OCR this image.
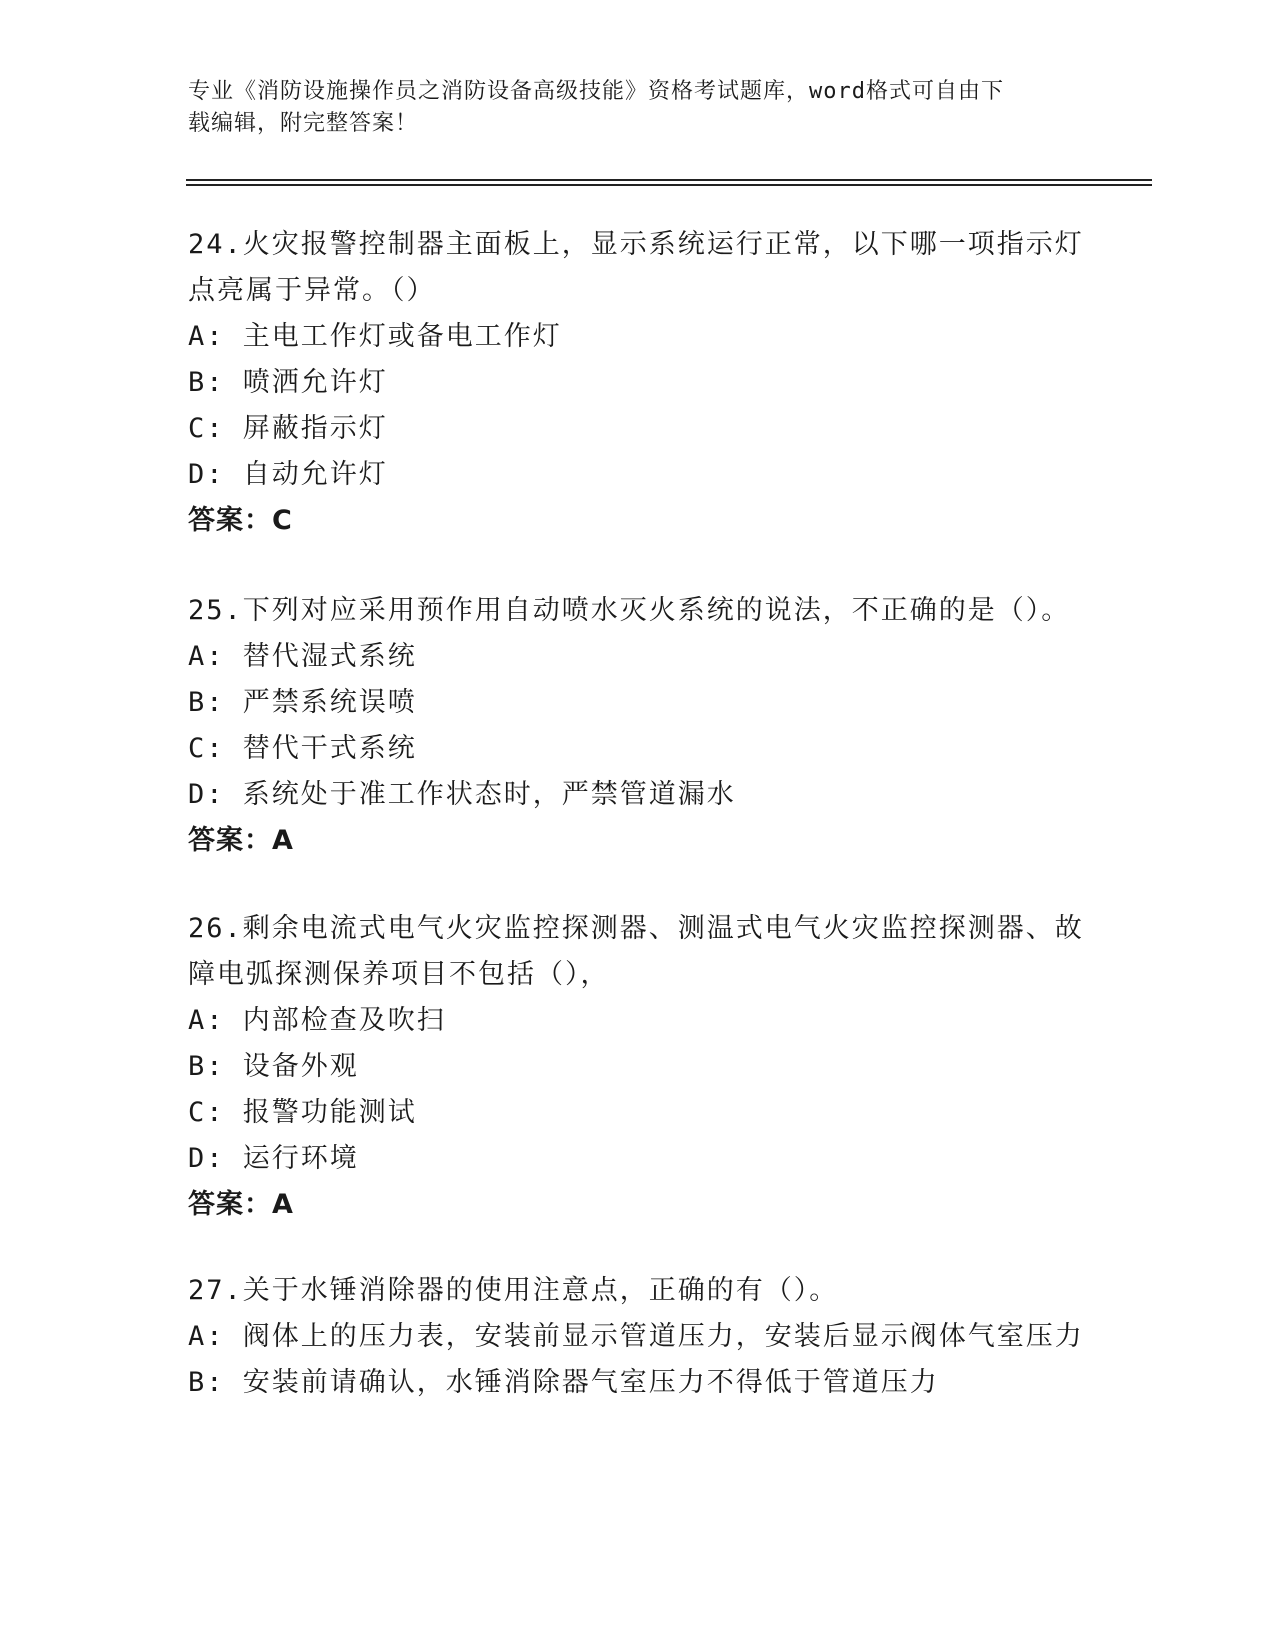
专业《消防设施操作员之消防设备高级技能》资格考试题库，word格式可自由下
载编辑，附完整答案！
24.火灾报警控制器主面板上，显示系统运行正常，以下哪一项指示灯
点亮属于异常。（）
A: 主电工作灯或备电工作灯
B: 喷洒允许灯
C: 屏蔽指示灯
D: 自动允许灯
答案：C
25.下列对应采用预作用自动喷水灭火系统的说法，不正确的是（）。
A: 替代湿式系统
B: 严禁系统误喷
C: 替代干式系统
D: 系统处于准工作状态时，严禁管道漏水
答案：A
26.剩余电流式电气火灾监控探测器、测温式电气火灾监控探测器、故
障电弧探测保养项目不包括（），
A: 内部检查及吹扫
B: 设备外观
C: 报警功能测试
D: 运行环境
答案：A
27.关于水锤消除器的使用注意点，正确的有（）。
A: 阀体上的压力表，安装前显示管道压力，安装后显示阀体气室压力
B: 安装前请确认，水锤消除器气室压力不得低于管道压力
